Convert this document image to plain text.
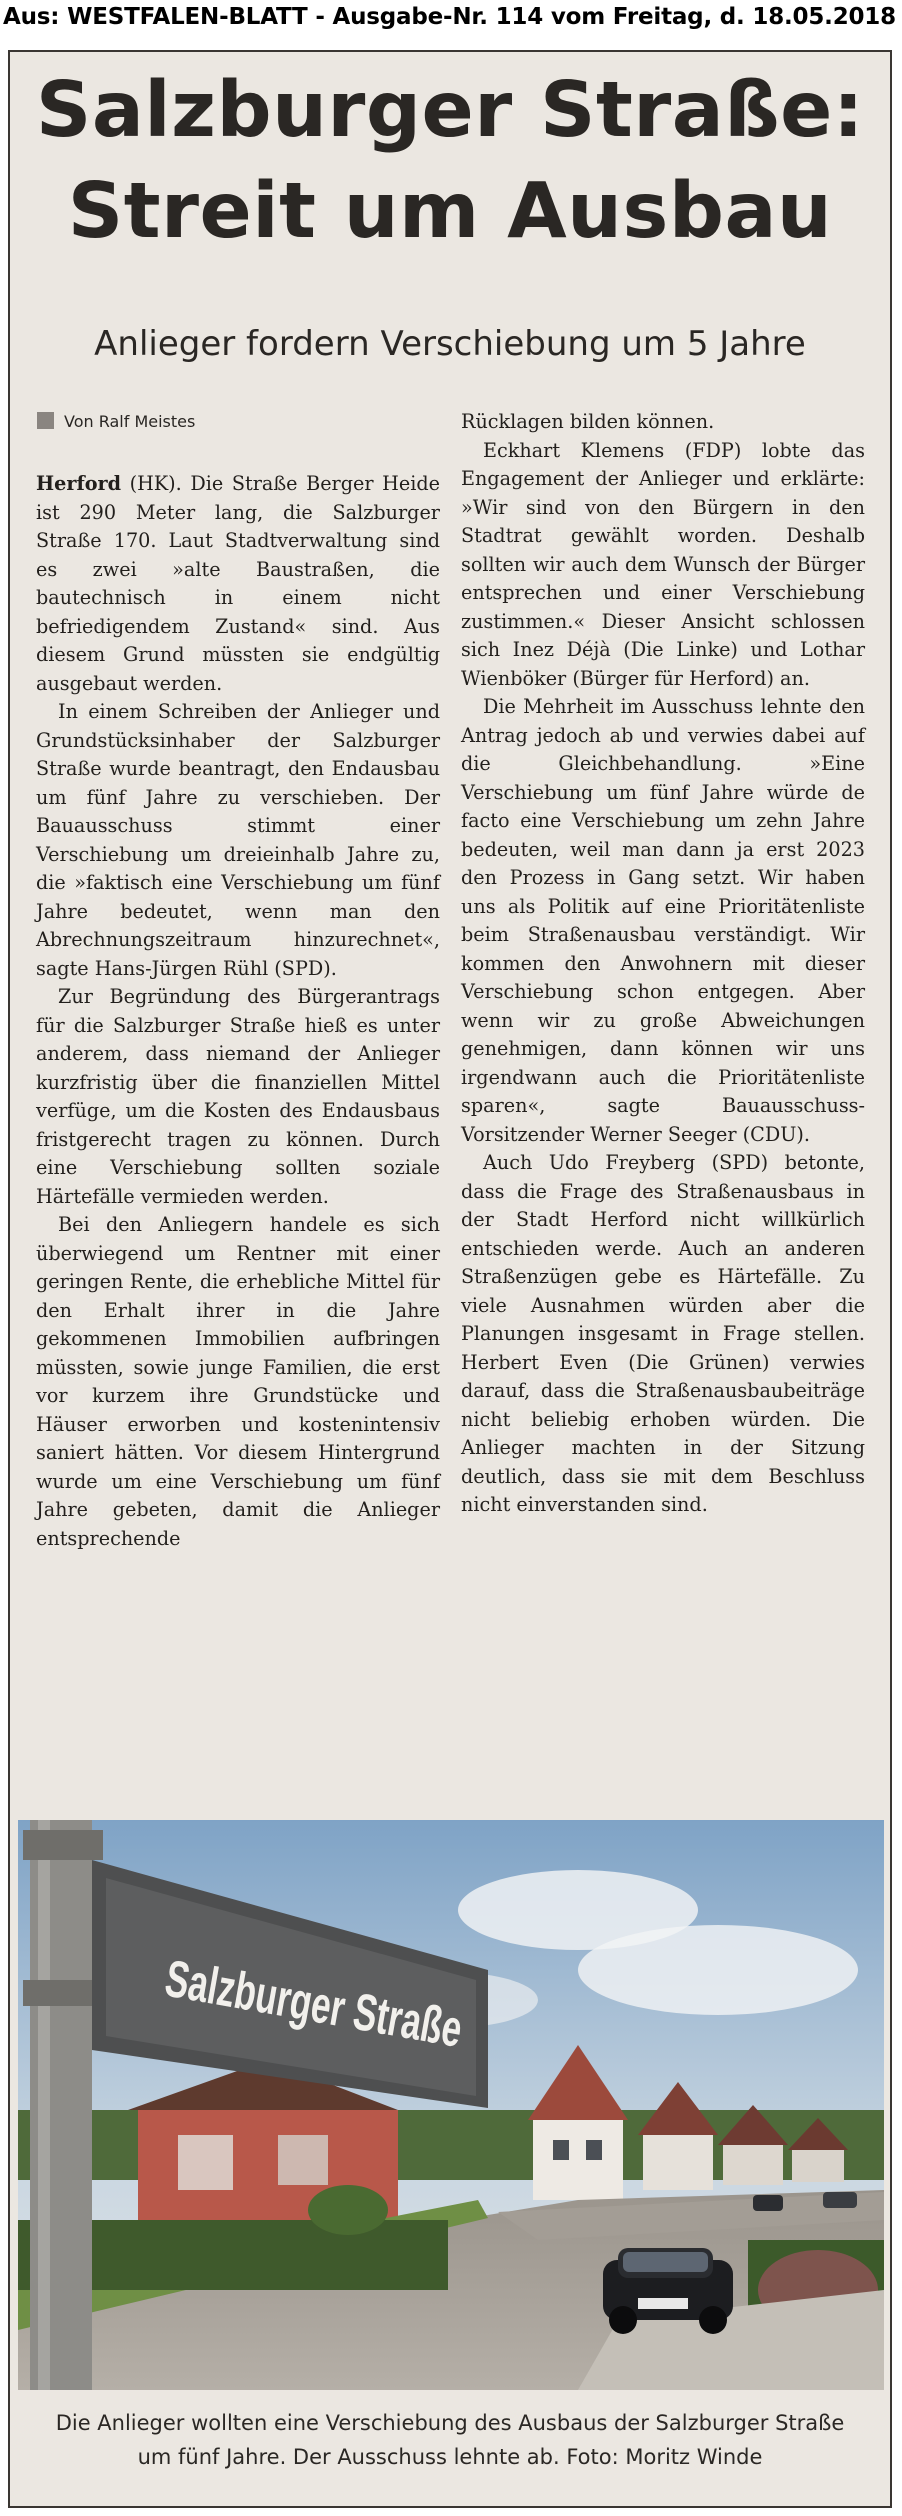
Aus: WESTFALEN-BLATT - Ausgabe-Nr. 114 vom Freitag, d. 18.05.2018
Salzburger Straße:
Streit um Ausbau
Anlieger fordern Verschiebung um 5 Jahre
Von Ralf Meistes

Herford (HK). Die Straße Berger Heide ist 290 Meter lang, die Salzburger Straße 170. Laut Stadtverwaltung sind es zwei »alte Baustraßen, die bautechnisch in einem nicht befriedigendem Zustand« sind. Aus diesem Grund müssten sie endgültig ausgebaut werden.

In einem Schreiben der Anlieger und Grundstücksinhaber der Salzburger Straße wurde beantragt, den Endausbau um fünf Jahre zu verschieben. Der Bauausschuss stimmt einer Verschiebung um dreieinhalb Jahre zu, die »faktisch eine Verschiebung um fünf Jahre bedeutet, wenn man den Abrechnungszeitraum hinzurechnet«, sagte Hans-Jürgen Rühl (SPD).

Zur Begründung des Bürgerantrags für die Salzburger Straße hieß es unter anderem, dass niemand der Anlieger kurzfristig über die finanziellen Mittel verfüge, um die Kosten des Endausbaus fristgerecht tragen zu können. Durch eine Verschiebung sollten soziale Härtefälle vermieden werden.

Bei den Anliegern handele es sich überwiegend um Rentner mit einer geringen Rente, die erhebliche Mittel für den Erhalt ihrer in die Jahre gekommenen Immobilien aufbringen müssten, sowie junge Familien, die erst vor kurzem ihre Grundstücke und Häuser erworben und kostenintensiv saniert hätten. Vor diesem Hintergrund wurde um eine Verschiebung um fünf Jahre gebeten, damit die Anlieger entsprechende

Rücklagen bilden können.

Eckhart Klemens (FDP) lobte das Engagement der Anlieger und erklärte: »Wir sind von den Bürgern in den Stadtrat gewählt worden. Deshalb sollten wir auch dem Wunsch der Bürger entsprechen und einer Verschiebung zustimmen.« Dieser Ansicht schlossen sich Inez Déjà (Die Linke) und Lothar Wienböker (Bürger für Herford) an.

Die Mehrheit im Ausschuss lehnte den Antrag jedoch ab und verwies dabei auf die Gleichbehandlung. »Eine Verschiebung um fünf Jahre würde de facto eine Verschiebung um zehn Jahre bedeuten, weil man dann ja erst 2023 den Prozess in Gang setzt. Wir haben uns als Politik auf eine Prioritätenliste beim Straßenausbau verständigt. Wir kommen den Anwohnern mit dieser Verschiebung schon entgegen. Aber wenn wir zu große Abweichungen genehmigen, dann können wir uns irgendwann auch die Prioritätenliste sparen«, sagte Bauausschuss-Vorsitzender Werner Seeger (CDU).

Auch Udo Freyberg (SPD) betonte, dass die Frage des Straßenausbaus in der Stadt Herford nicht willkürlich entschieden werde. Auch an anderen Straßenzügen gebe es Härtefälle. Zu viele Ausnahmen würden aber die Planungen insgesamt in Frage stellen. Herbert Even (Die Grünen) verwies darauf, dass die Straßenausbaubeiträge nicht beliebig erhoben würden. Die Anlieger machten in der Sitzung deutlich, dass sie mit dem Beschluss nicht einverstanden sind.

Salzburger Straße

Die Anlieger wollten eine Verschiebung des Ausbaus der Salzburger Straße um fünf Jahre. Der Ausschuss lehnte ab. Foto: Moritz Winde
